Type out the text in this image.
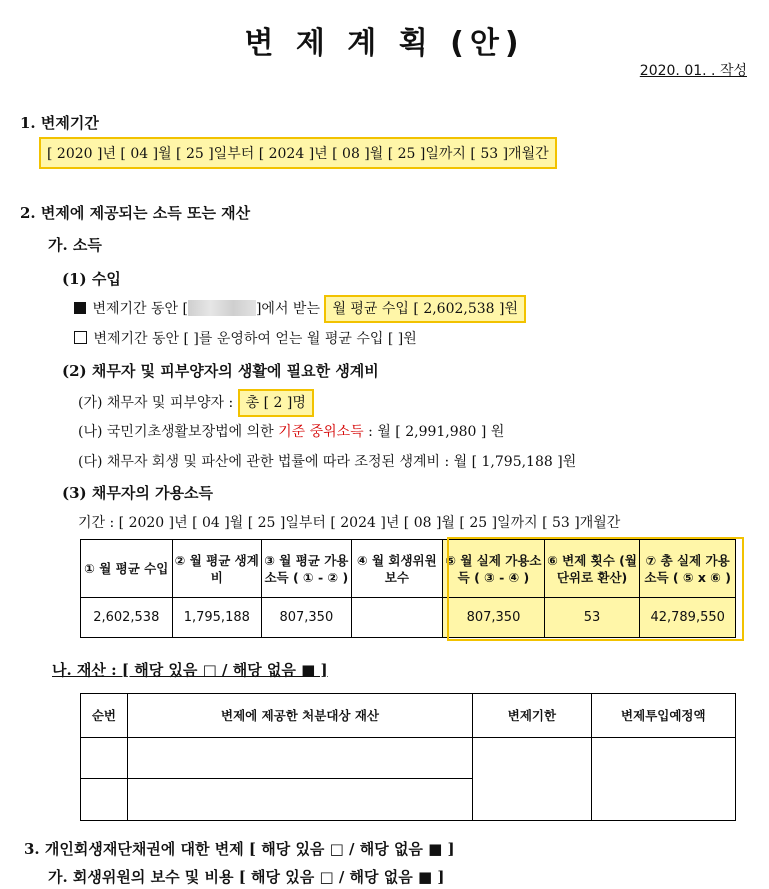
변 제 계 획 (안)
2020. 01. . 작성
1. 변제기간
[ 2020 ]년 [ 04 ]월 [ 25 ]일부터 [ 2024 ]년 [ 08 ]월 [ 25 ]일까지 [ 53 ]개월간
2. 변제에 제공되는 소득 또는 재산
가. 소득
(1) 수입
변제기간 동안 [	]에서 받는 월 평균 수입 [ 2,602,538 ]원
변제기간 동안 [ ]를 운영하여 얻는 월 평균 수입 [ ]원
(2) 채무자 및 피부양자의 생활에 필요한 생계비
(가) 채무자 및 피부양자 : 총 [ 2 ]명
(나) 국민기초생활보장법에 의한 기준 중위소득 : 월 [ 2,991,980 ] 원
(다) 채무자 회생 및 파산에 관한 법률에 따라 조정된 생계비 : 월 [ 1,795,188 ]원
(3) 채무자의 가용소득
기간 : [ 2020 ]년 [ 04 ]월 [ 25 ]일부터 [ 2024 ]년 [ 08 ]월 [ 25 ]일까지 [ 53 ]개월간
① 월 평균 수입	② 월 평균 생계비	③ 월 평균 가용소득 ( ① - ② )	④ 월 회생위원 보수	⑤ 월 실제 가용소득 ( ③ - ④ )	⑥ 변제 횟수 (월 단위로 환산)	⑦ 총 실제 가용소득 ( ⑤ x ⑥ )
2,602,538	1,795,188	807,350		807,350	53	42,789,550
나. 재산 : [ 해당 있음 □ / 해당 없음 ■ ]
순번	변제에 제공한 처분대상 재산	변제기한	변제투입예정액

3. 개인회생재단채권에 대한 변제 [ 해당 있음 □ / 해당 없음 ■ ]
가. 회생위원의 보수 및 비용 [ 해당 있음 □ / 해당 없음 ■ ]
